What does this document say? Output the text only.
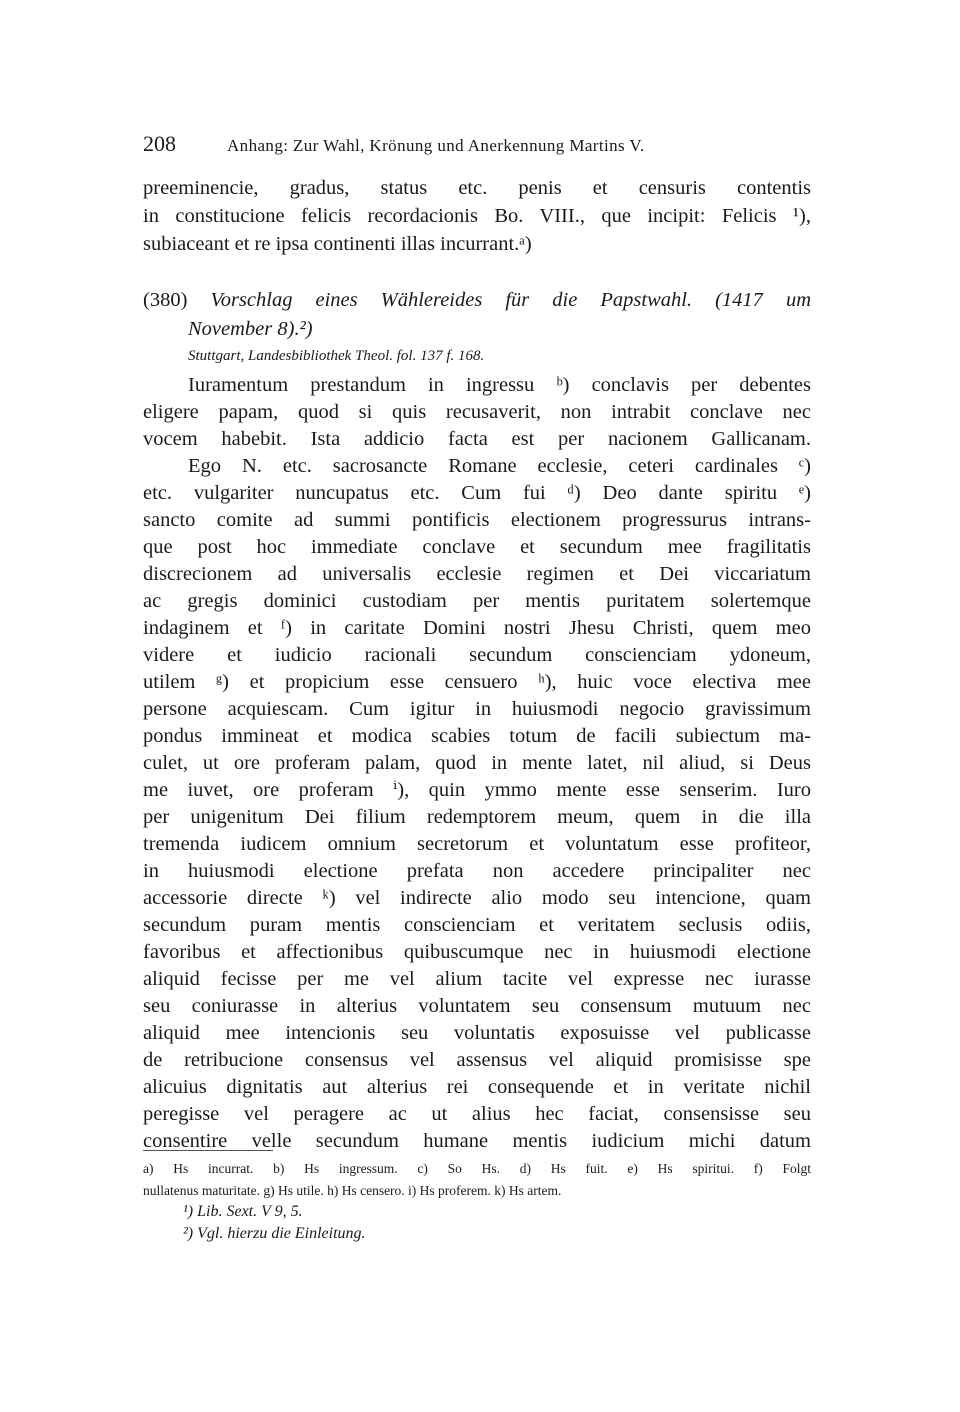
208	Anhang: Zur Wahl, Krönung und Anerkennung Martins V.
preeminencie, gradus, status etc. penis et censuris contentis
in constitucione felicis recordacionis Bo. VIII., que incipit: Felicis ¹),
subiaceant et re ipsa continenti illas incurrant.ᵃ)
(380) Vorschlag eines Wählereides für die Papstwahl. (1417 um
November 8).²)
Stuttgart, Landesbibliothek Theol. fol. 137 f. 168.
Iuramentum prestandum in ingressu ᵇ) conclavis per debentes
eligere papam, quod si quis recusaverit, non intrabit conclave nec
vocem habebit. Ista addicio facta est per nacionem Gallicanam.
Ego N. etc. sacrosancte Romane ecclesie, ceteri cardinales ᶜ)
etc. vulgariter nuncupatus etc. Cum fui ᵈ) Deo dante spiritu ᵉ)
sancto comite ad summi pontificis electionem progressurus intrans-
que post hoc immediate conclave et secundum mee fragilitatis
discrecionem ad universalis ecclesie regimen et Dei viccariatum
ac gregis dominici custodiam per mentis puritatem solertemque
indaginem et ᶠ) in caritate Domini nostri Jhesu Christi, quem meo
videre et iudicio racionali secundum conscienciam ydoneum,
utilem ᵍ) et propicium esse censuero ʰ), huic voce electiva mee
persone acquiescam. Cum igitur in huiusmodi negocio gravissimum
pondus immineat et modica scabies totum de facili subiectum ma-
culet, ut ore proferam palam, quod in mente latet, nil aliud, si Deus
me iuvet, ore proferam ⁱ), quin ymmo mente esse senserim. Iuro
per unigenitum Dei filium redemptorem meum, quem in die illa
tremenda iudicem omnium secretorum et voluntatum esse profiteor,
in huiusmodi electione prefata non accedere principaliter nec
accessorie directe ᵏ) vel indirecte alio modo seu intencione, quam
secundum puram mentis conscienciam et veritatem seclusis odiis,
favoribus et affectionibus quibuscumque nec in huiusmodi electione
aliquid fecisse per me vel alium tacite vel expresse nec iurasse
seu coniurasse in alterius voluntatem seu consensum mutuum nec
aliquid mee intencionis seu voluntatis exposuisse vel publicasse
de retribucione consensus vel assensus vel aliquid promisisse spe
alicuius dignitatis aut alterius rei consequende et in veritate nichil
peregisse vel peragere ac ut alius hec faciat, consensisse seu
consentire velle secundum humane mentis iudicium michi datum
a) Hs incurrat. b) Hs ingressum. c) So Hs. d) Hs fuit. e) Hs spiritui. f) Folgt
nullatenus maturitate. g) Hs utile. h) Hs censero. i) Hs proferem. k) Hs artem.
¹) Lib. Sext. V 9, 5.
²) Vgl. hierzu die Einleitung.
